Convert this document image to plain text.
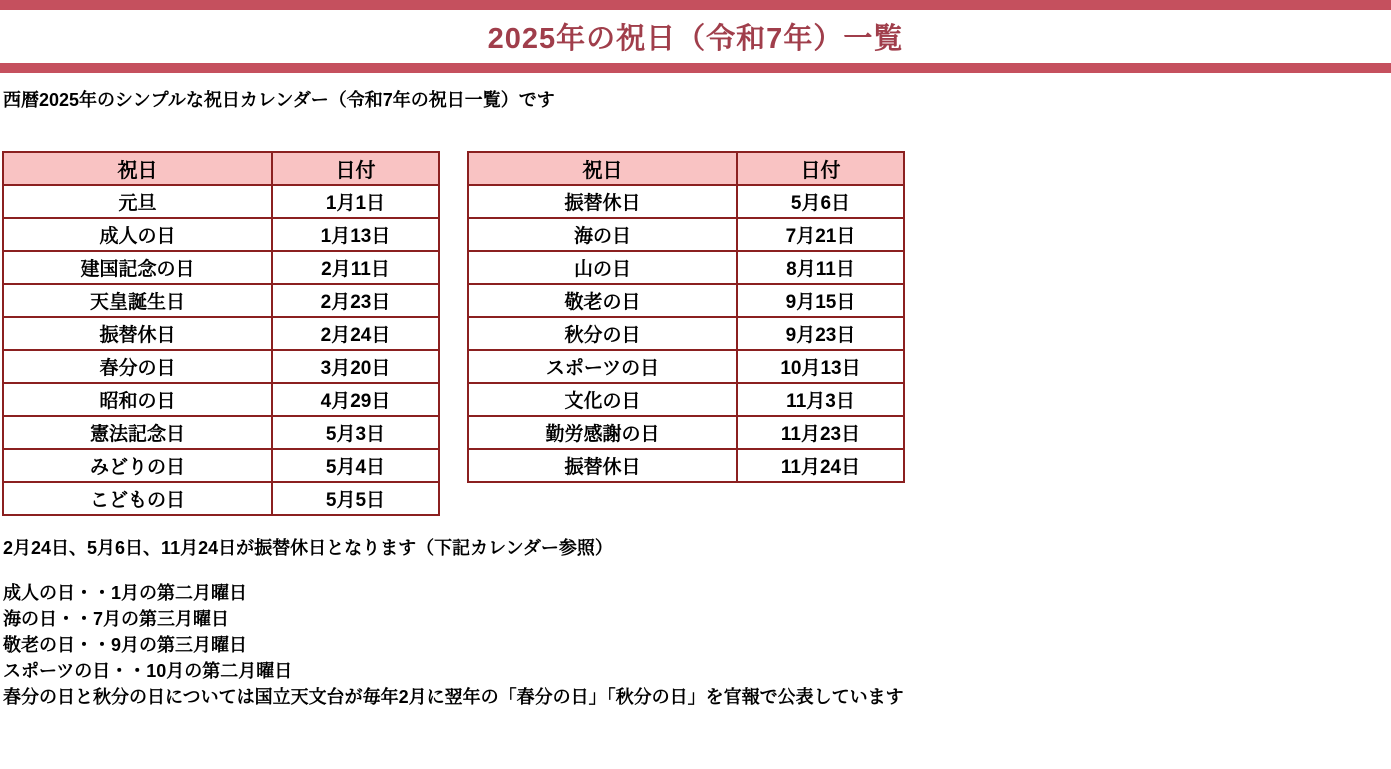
2025年の祝日（令和7年）一覧

西暦2025年のシンプルな祝日カレンダー（令和7年の祝日一覧）です

祝日	日付
元旦	1月1日
成人の日	1月13日
建国記念の日	2月11日
天皇誕生日	2月23日
振替休日	2月24日
春分の日	3月20日
昭和の日	4月29日
憲法記念日	5月3日
みどりの日	5月4日
こどもの日	5月5日
祝日	日付
振替休日	5月6日
海の日	7月21日
山の日	8月11日
敬老の日	9月15日
秋分の日	9月23日
スポーツの日	10月13日
文化の日	11月3日
勤労感謝の日	11月23日
振替休日	11月24日

2月24日、5月6日、11月24日が振替休日となります（下記カレンダー参照）

成人の日・・1月の第二月曜日
海の日・・7月の第三月曜日
敬老の日・・9月の第三月曜日
スポーツの日・・10月の第二月曜日
春分の日と秋分の日については国立天文台が毎年2月に翌年の「春分の日」「秋分の日」を官報で公表しています
